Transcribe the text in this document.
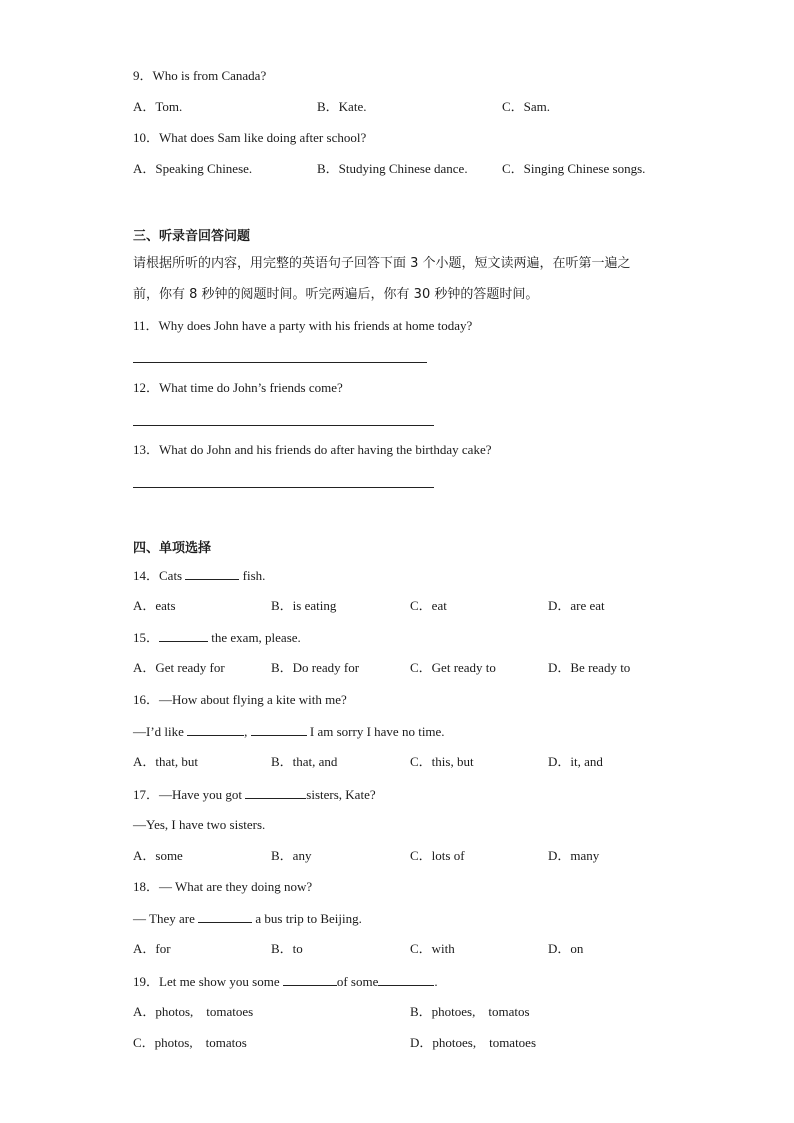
9．Who is from Canada?
A．Tom.	B．Kate.	C．Sam.
10．What does Sam like doing after school?
A．Speaking Chinese.	B．Studying Chinese dance.	C．Singing Chinese songs.
三、听录音回答问题
请根据所听的内容，用完整的英语句子回答下面 3 个小题，短文读两遍，在听第一遍之
前，你有 8 秒钟的阅题时间。听完两遍后，你有 30 秒钟的答题时间。
11．Why does John have a party with his friends at home today?
12．What time do John’s friends come?
13．What do John and his friends do after having the birthday cake?
四、单项选择
14．Cats	fish.
A．eats	B．is eating	C．eat	D．are eat
15．	the exam, please.
A．Get ready for	B．Do ready for	C．Get ready to	D．Be ready to
16．—How about flying a kite with me?
—I’d like	,	I am sorry I have no time.
A．that, but	B．that, and	C．this, but	D．it, and
17．—Have you got	sisters, Kate?
—Yes, I have two sisters.
A．some	B．any	C．lots of	D．many
18．— What are they doing now?
— They are	a bus trip to Beijing.
A．for	B．to	C．with	D．on
19．Let me show you some	of some	.
A．photos,    tomatoes	B．photoes,    tomatos
C．photos,    tomatos	D．photoes,    tomatoes
